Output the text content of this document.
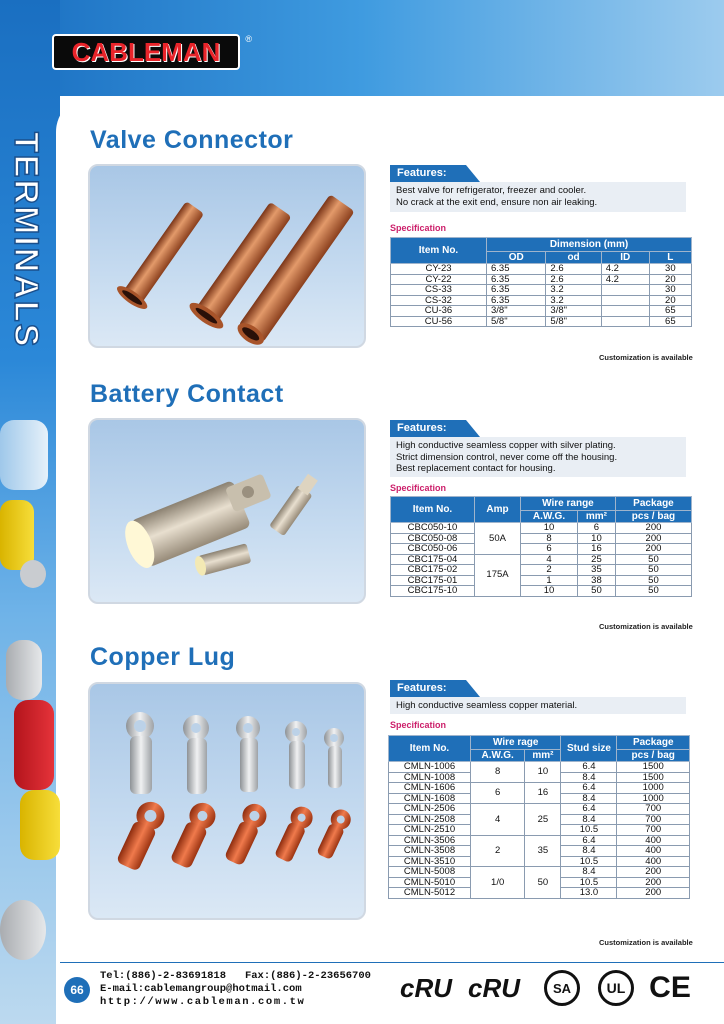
CABLEMAN	®
TERMINALS Valve Connector
Features:
Best valve for refrigerator, freezer and cooler.
No crack at the exit end, ensure non air leaking.
Specification
Item No.	Dimension (mm)			
	OD	od	ID	L
CY-23	6.35	2.6	4.2	30
CY-22	6.35	2.6	4.2	20
CS-33	6.35	3.2		30
CS-32	6.35	3.2		20
CU-36	3/8"	3/8"		65
CU-56	5/8"	5/8"		65
Customization is available
Battery Contact
Features:
High conductive seamless copper with silver plating.
Strict dimension control, never come off the housing.
Best replacement contact for housing.
Specification
Item No.	Amp	Wire range		Package
		A.W.G.	mm²	pcs / bag
CBC050-10	50A	10	6	200
CBC050-08		8	10	200
CBC050-06		6	16	200
CBC175-04	175A	4	25	50
CBC175-02		2	35	50
CBC175-01		1	38	50
CBC175-10		10	50	50
Customization is available
Copper Lug
Features:
High conductive seamless copper material.
Specification
Item No.	Wire rage		Stud size	Package
	A.W.G.	mm²		pcs / bag
CMLN-1006	8	10	6.4	1500
CMLN-1008			8.4	1500
CMLN-1606	6	16	6.4	1000
CMLN-1608			8.4	1000
CMLN-2506	4	25	6.4	700
CMLN-2508			8.4	700
CMLN-2510			10.5	700
CMLN-3506	2	35	6.4	400
CMLN-3508			8.4	400
CMLN-3510			10.5	400
CMLN-5008	1/0	50	8.4	200
CMLN-5010			10.5	200
CMLN-5012			13.0	200
Customization is available
66
Tel:(886)-2-83691818 Fax:(886)-2-23656700
E-mail:cablemangroup@hotmail.com
http://www.cableman.com.tw	cRU cRU	SA	UL CE
